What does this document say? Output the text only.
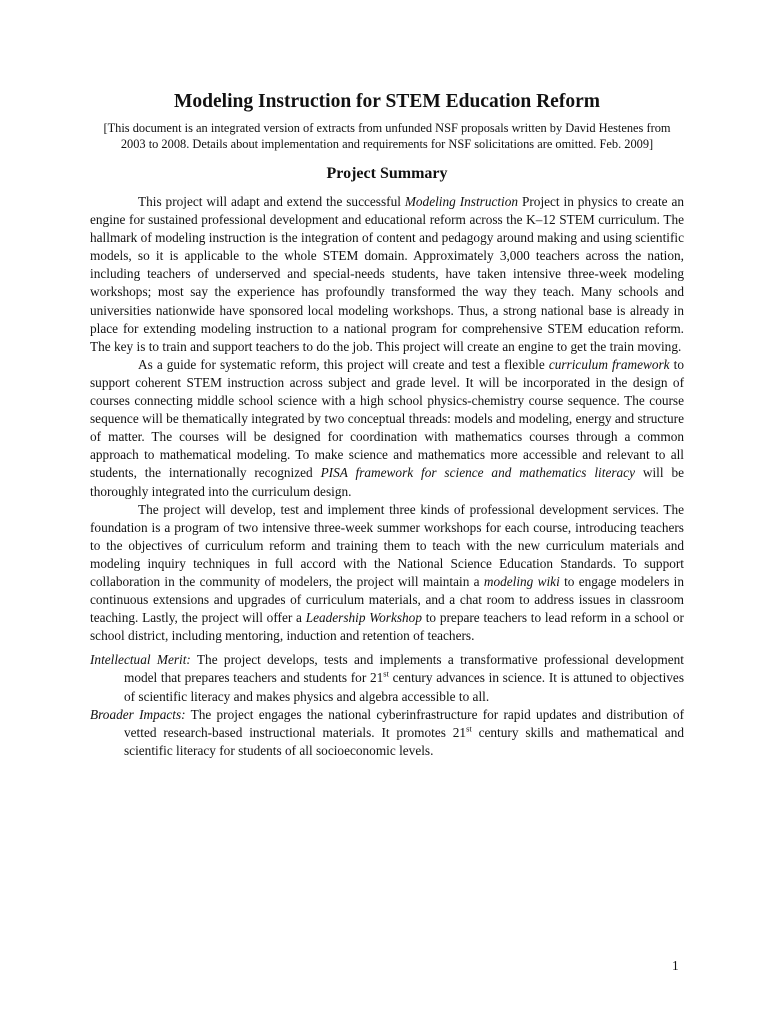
Modeling Instruction for STEM Education Reform

[This document is an integrated version of extracts from unfunded NSF proposals written by David Hestenes from 2003 to 2008. Details about implementation and requirements for NSF solicitations are omitted. Feb. 2009]

Project Summary

This project will adapt and extend the successful Modeling Instruction Project in physics to create an engine for sustained professional development and educational reform across the K–12 STEM curriculum. The hallmark of modeling instruction is the integration of content and pedagogy around making and using scientific models, so it is applicable to the whole STEM domain. Approximately 3,000 teachers across the nation, including teachers of underserved and special-needs students, have taken intensive three-week modeling workshops; most say the experience has profoundly transformed the way they teach. Many schools and universities nationwide have sponsored local modeling workshops. Thus, a strong national base is already in place for extending modeling instruction to a national program for comprehensive STEM education reform. The key is to train and support teachers to do the job. This project will create an engine to get the train moving.

As a guide for systematic reform, this project will create and test a flexible curriculum framework to support coherent STEM instruction across subject and grade level. It will be incorporated in the design of courses connecting middle school science with a high school physics-chemistry course sequence. The course sequence will be thematically integrated by two conceptual threads: models and modeling, energy and structure of matter. The courses will be designed for coordination with mathematics courses through a common approach to mathematical modeling. To make science and mathematics more accessible and relevant to all students, the internationally recognized PISA framework for science and mathematics literacy will be thoroughly integrated into the curriculum design.

The project will develop, test and implement three kinds of professional development services. The foundation is a program of two intensive three-week summer workshops for each course, introducing teachers to the objectives of curriculum reform and training them to teach with the new curriculum materials and modeling inquiry techniques in full accord with the National Science Education Standards. To support collaboration in the community of modelers, the project will maintain a modeling wiki to engage modelers in continuous extensions and upgrades of curriculum materials, and a chat room to address issues in classroom teaching. Lastly, the project will offer a Leadership Workshop to prepare teachers to lead reform in a school or school district, including mentoring, induction and retention of teachers.

Intellectual Merit: The project develops, tests and implements a transformative professional development model that prepares teachers and students for 21st century advances in science. It is attuned to objectives of scientific literacy and makes physics and algebra accessible to all.

Broader Impacts: The project engages the national cyberinfrastructure for rapid updates and distribution of vetted research-based instructional materials. It promotes 21st century skills and mathematical and scientific literacy for students of all socioeconomic levels.

1
